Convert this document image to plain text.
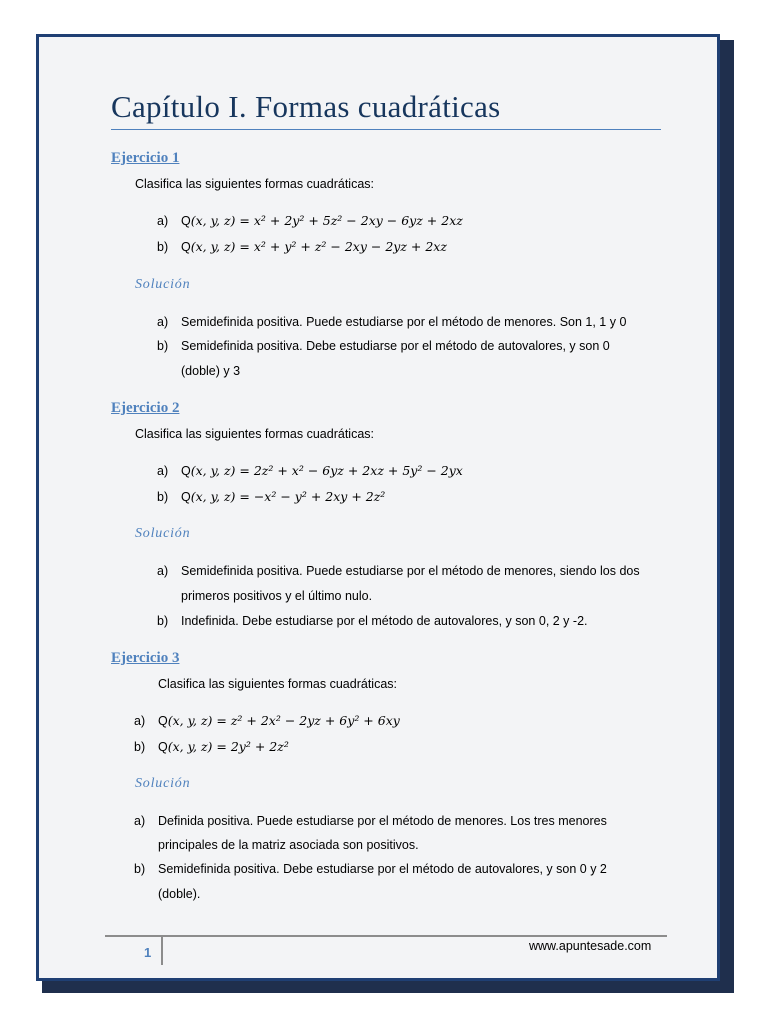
Capítulo I. Formas cuadráticas
Ejercicio 1
Clasifica las siguientes formas cuadráticas:
a) Q(x, y, z) = x² + 2y² + 5z² − 2xy − 6yz + 2xz
b) Q(x, y, z) = x² + y² + z² − 2xy − 2yz + 2xz
Solución
a) Semidefinida positiva. Puede estudiarse por el método de menores. Son 1, 1 y 0
b) Semidefinida positiva. Debe estudiarse por el método de autovalores, y son 0
(doble) y 3
Ejercicio 2
Clasifica las siguientes formas cuadráticas:
a) Q(x, y, z) = 2z² + x² − 6yz + 2xz + 5y² − 2yx
b) Q(x, y, z) = −x² − y² + 2xy + 2z²
Solución
a) Semidefinida positiva. Puede estudiarse por el método de menores, siendo los dos
primeros positivos y el último nulo.
b) Indefinida. Debe estudiarse por el método de autovalores, y son 0, 2 y -2.
Ejercicio 3
Clasifica las siguientes formas cuadráticas:
a) Q(x, y, z) = z² + 2x² − 2yz + 6y² + 6xy
b) Q(x, y, z) = 2y² + 2z²
Solución
a) Definida positiva. Puede estudiarse por el método de menores. Los tres menores
principales de la matriz asociada son positivos.
b) Semidefinida positiva. Debe estudiarse por el método de autovalores, y son 0 y 2
(doble).
1	www.apuntesade.com
